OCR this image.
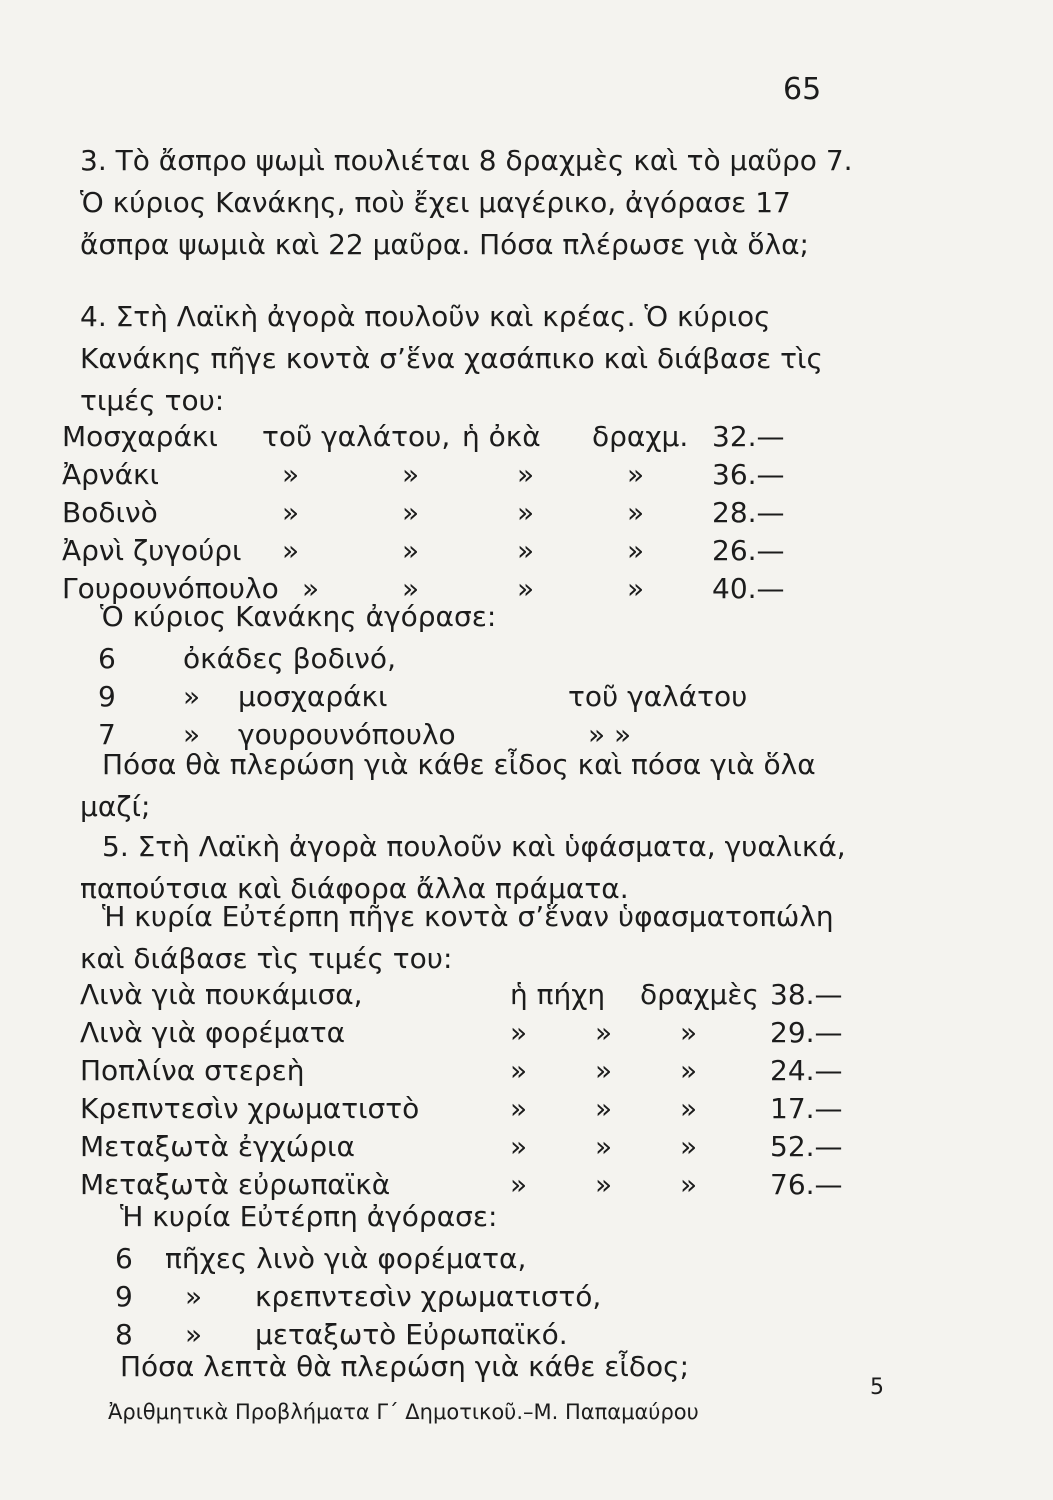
65

3. Τὸ ἄσπρο ψωμὶ πουλιέται 8 δραχμὲς καὶ τὸ μαῦρο 7. Ὁ κύριος Κανάκης, ποὺ ἔχει μαγέρικο, ἀγόρασε 17 ἄσπρα ψωμιὰ καὶ 22 μαῦρα. Πόσα πλέρωσε γιὰ ὅλα;

4. Στὴ Λαϊκὴ ἀγορὰ πουλοῦν καὶ κρέας. Ὁ κύριος Κανάκης πῆγε κοντὰ σ’ἕνα χασάπικο καὶ διάβασε τὶς τιμές του:

Μοσχαράκι τοῦ γαλάτου, ἡ ὀκὰ δραχμ. 32.—
Ἀρνάκι	»	»	»	» 36.—
Βοδινὸ	»	»	»	» 28.—
Ἀρνὶ ζυγούρι »	»	»	» 26.—
Γουρουνόπουλο »	»	»	» 40.—
Ὁ κύριος Κανάκης ἀγόρασε:
6 ὀκάδες βοδινό,
9 » μοσχαράκι	τοῦ γαλάτου
7 » γουρουνόπουλο	» »

Πόσα θὰ πλερώση γιὰ κάθε εἶδος καὶ πόσα γιὰ ὅλα μαζί;

5. Στὴ Λαϊκὴ ἀγορὰ πουλοῦν καὶ ὑφάσματα, γυαλικά, παπούτσια καὶ διάφορα ἄλλα πράματα.

Ἡ κυρία Εὐτέρπη πῆγε κοντὰ σ’ἕναν ὑφασματοπώλη καὶ διάβασε τὶς τιμές του:

Λινὰ γιὰ πουκάμισα,	ἡ πήχη δραχμὲς 38.—
Λινὰ γιὰ φορέματα	» » »	29.—
Ποπλίνα στερεὴ	» » »	24.—
Κρεπντεσὶν χρωματιστὸ	» » »	17.—
Μεταξωτὰ ἐγχώρια	» » »	52.—
Μεταξωτὰ εὐρωπαϊκὰ	» » »	76.—
Ἡ κυρία Εὐτέρπη ἀγόρασε:
6 πῆχες λινὸ γιὰ φορέματα,
9 » κρεπντεσὶν χρωματιστό,
8 » μεταξωτὸ Εὐρωπαϊκό.
Πόσα λεπτὰ θὰ πλερώση γιὰ κάθε εἶδος;
Ἀριθμητικὰ Προβλήματα Γ΄ Δημοτικοῦ.–Μ. Παπαμαύρου
5
